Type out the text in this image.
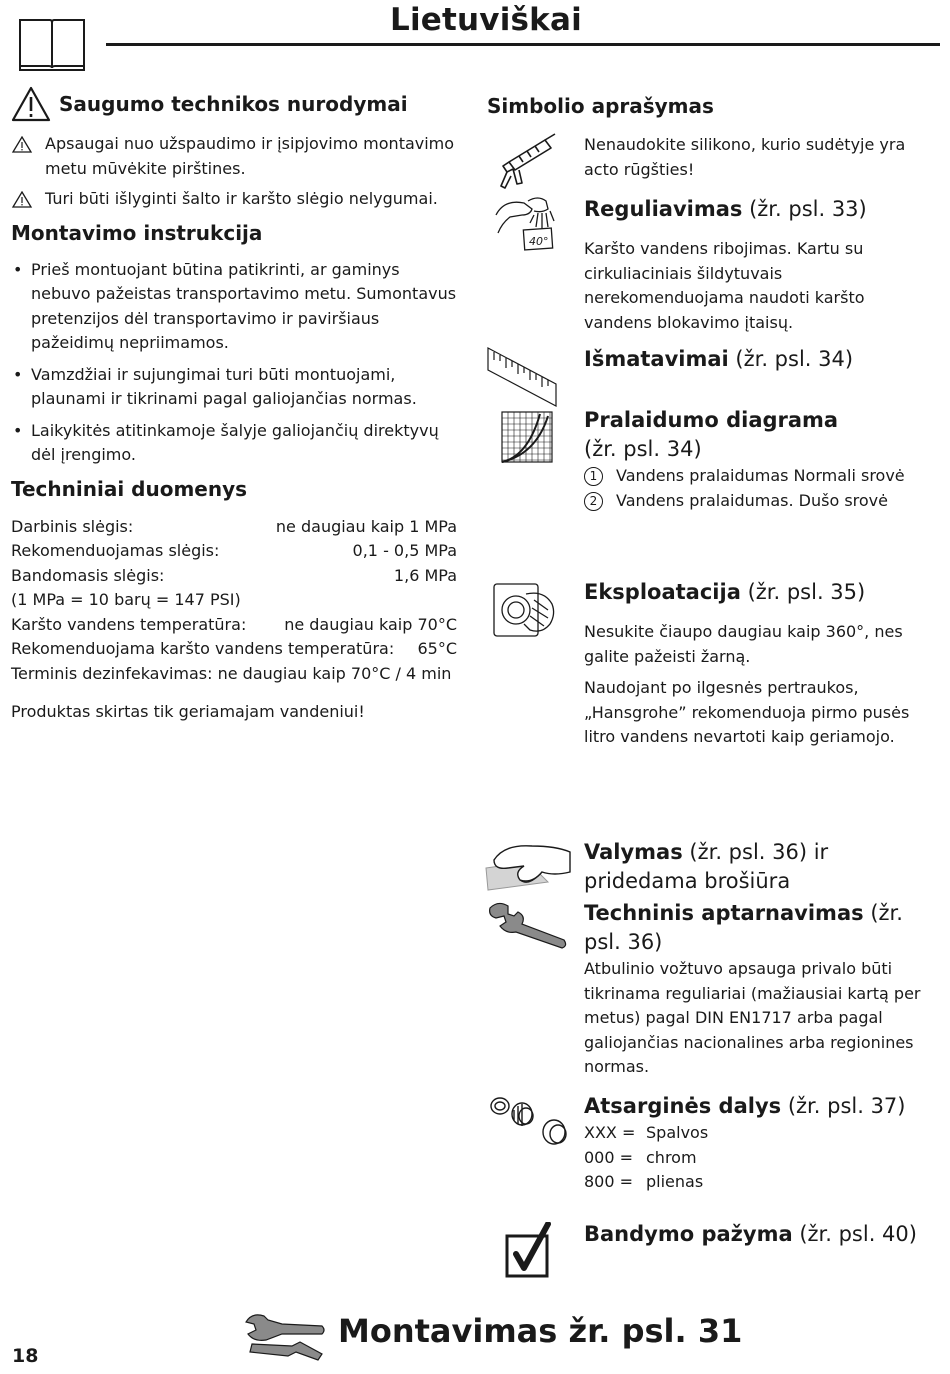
Lietuviškai
Saugumo technikos nurodymai
Apsaugai nuo užspaudimo ir įsipjovimo montavimo metu mūvėkite pirštines.
Turi būti išlyginti šalto ir karšto slėgio nelygumai.
Montavimo instrukcija
• Prieš montuojant būtina patikrinti, ar gaminys nebuvo pažeistas transportavimo metu. Sumontavus pretenzijos dėl transportavimo ir paviršiaus pažeidimų nepriimamos.
• Vamzdžiai ir sujungimai turi būti montuojami, plaunami ir tikrinami pagal galiojančias normas.
• Laikykitės atitinkamoje šalyje galiojančių direktyvų dėl įrengimo.
Techniniai duomenys
Darbinis slėgis:	ne daugiau kaip 1 MPa
Rekomenduojamas slėgis:	0,1 - 0,5 MPa
Bandomasis slėgis:	1,6 MPa
(1 MPa = 10 barų = 147 PSI)
Karšto vandens temperatūra: ne daugiau kaip 70°C
Rekomenduojama karšto vandens temperatūra: 65°C
Terminis dezinfekavimas: ne daugiau kaip 70°C / 4 min
Produktas skirtas tik geriamajam vandeniui!
Simbolio aprašymas
Nenaudokite silikono, kurio sudėtyje yra acto rūgšties!
40°
Reguliavimas (žr. psl. 33)
Karšto vandens ribojimas. Kartu su cirkuliaciniais šildytuvais nerekomenduojama naudoti karšto vandens blokavimo įtaisų.
Išmatavimai (žr. psl. 34)
Pralaidumo diagrama
(žr. psl. 34)
1 Vandens pralaidumas Normali srovė
2 Vandens pralaidumas. Dušo srovė
Eksploatacija (žr. psl. 35)
Nesukite čiaupo daugiau kaip 360°, nes galite pažeisti žarną.
Naudojant po ilgesnės pertraukos, „Hansgrohe” rekomenduoja pirmo pusės litro vandens nevartoti kaip geriamojo.
Valymas (žr. psl. 36) ir pridedama brošiūra
Techninis aptarnavimas (žr. psl. 36)
Atbulinio vožtuvo apsauga privalo būti tikrinama reguliariai (mažiausiai kartą per metus) pagal DIN EN1717 arba pagal galiojančias nacionalines arba regionines normas.
Atsarginės dalys (žr. psl. 37)
XXX = Spalvos
000 = chrom
800 = plienas
Bandymo pažyma (žr. psl. 40)
18
Montavimas žr. psl. 31
